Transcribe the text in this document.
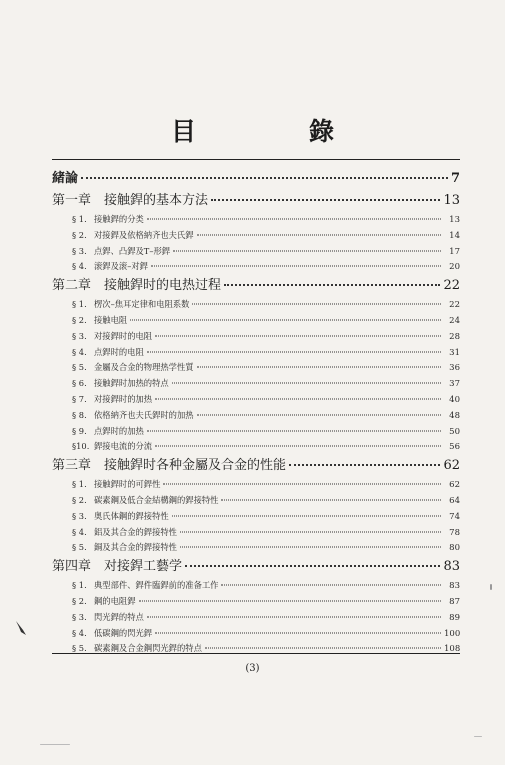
目　錄
緒論	7
第一章　接触銲的基本方法	13
§ 1. 接触銲的分类	13
§ 2. 对接銲及依格納齐也夫氏銲	14
§ 3. 点銲、凸銲及T–形銲	17
§ 4. 滚銲及滚–对銲	20
第二章　接触銲时的电热过程	22
§ 1. 楞次–焦耳定律和电阻系数	22
§ 2. 接触电阻	24
§ 3. 对接銲时的电阻	28
§ 4. 点銲时的电阻	31
§ 5. 金屬及合金的物理热学性質	36
§ 6. 接触銲时加热的特点	37
§ 7. 对接銲时的加热	40
§ 8. 依格納齐也夫氏銲时的加热	48
§ 9. 点銲时的加热	50
§10. 銲接电流的分流	56
第三章　接触銲时各种金屬及合金的性能	62
§ 1. 接触銲时的可銲性	62
§ 2. 碳素鋼及低合金結構鋼的銲接特性	64
§ 3. 奥氏体鋼的銲接特性	74
§ 4. 鋁及其合金的銲接特性	78
§ 5. 銅及其合金的銲接特性	80
第四章　对接銲工藝学	83
§ 1. 典型部件、銲件臨銲前的准备工作	83
§ 2. 鋼的电阻銲	87
§ 3. 閃光銲的特点	89
§ 4. 低碳鋼的閃光銲	100
§ 5. 碳素鋼及合金鋼閃光銲的特点	108
(3)
